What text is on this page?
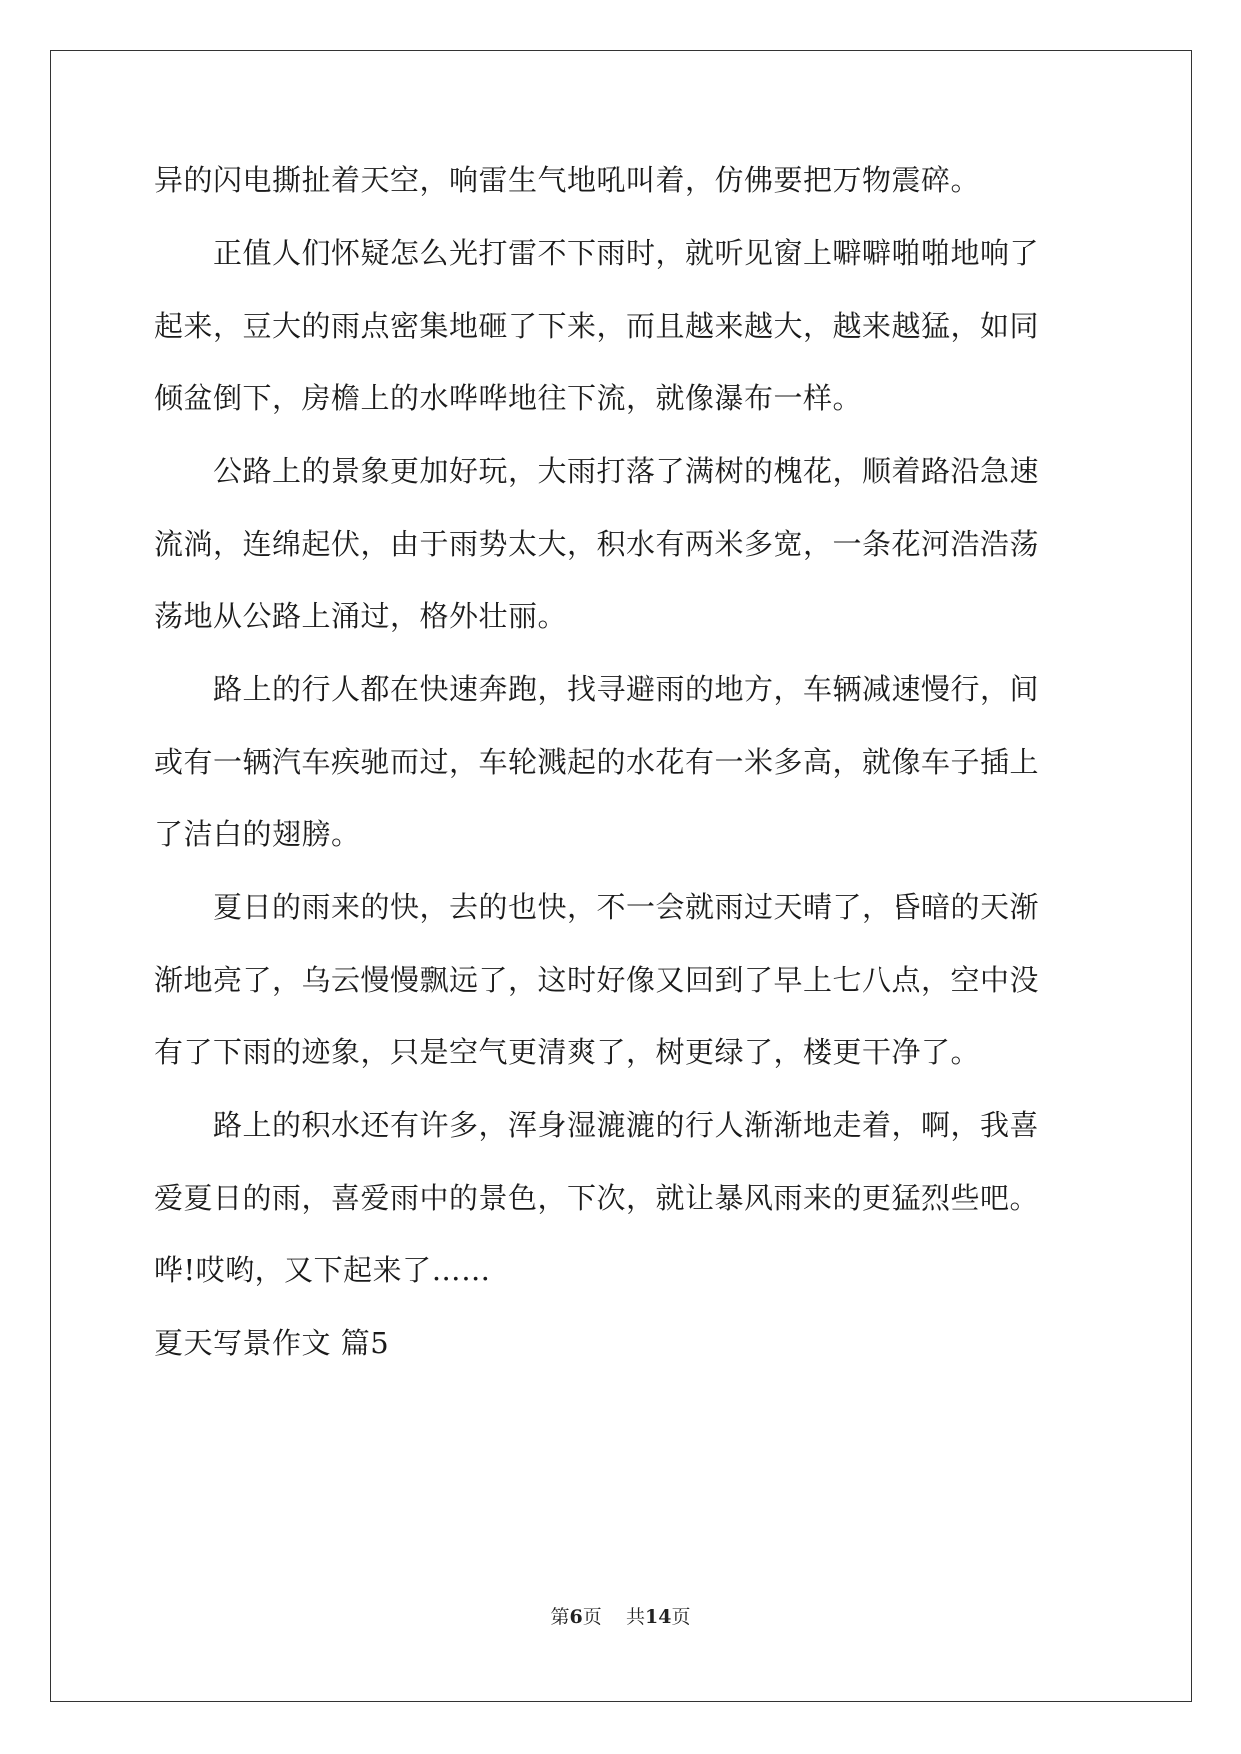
异的闪电撕扯着天空，响雷生气地吼叫着，仿佛要把万物震碎。
　　正值人们怀疑怎么光打雷不下雨时，就听见窗上噼噼啪啪地响了
起来，豆大的雨点密集地砸了下来，而且越来越大，越来越猛，如同
倾盆倒下，房檐上的水哗哗地往下流，就像瀑布一样。
　　公路上的景象更加好玩，大雨打落了满树的槐花，顺着路沿急速
流淌，连绵起伏，由于雨势太大，积水有两米多宽，一条花河浩浩荡
荡地从公路上涌过，格外壮丽。
　　路上的行人都在快速奔跑，找寻避雨的地方，车辆减速慢行，间
或有一辆汽车疾驰而过，车轮溅起的水花有一米多高，就像车子插上
了洁白的翅膀。
　　夏日的雨来的快，去的也快，不一会就雨过天晴了，昏暗的天渐
渐地亮了，乌云慢慢飘远了，这时好像又回到了早上七八点，空中没
有了下雨的迹象，只是空气更清爽了，树更绿了，楼更干净了。
　　路上的积水还有许多，浑身湿漉漉的行人渐渐地走着，啊，我喜
爱夏日的雨，喜爱雨中的景色，下次，就让暴风雨来的更猛烈些吧。
哗!哎哟，又下起来了……
夏天写景作文 篇5
第6页 共14页
